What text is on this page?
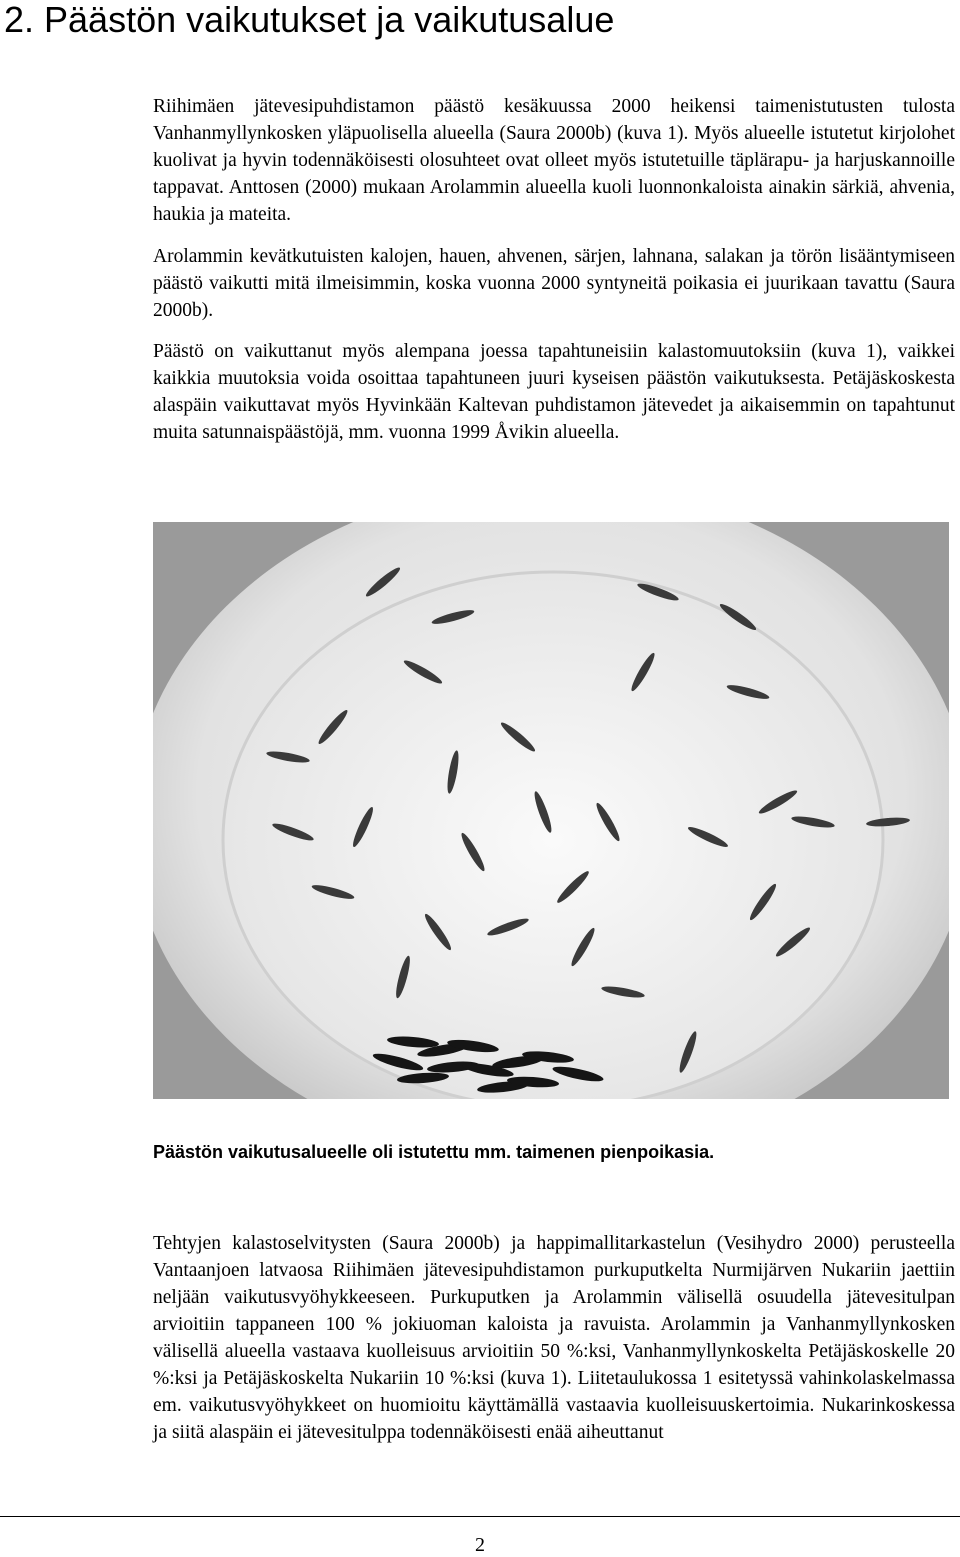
2. Päästön vaikutukset ja vaikutusalue

Riihimäen jätevesipuhdistamon päästö kesäkuussa 2000 heikensi taimenistutusten tulosta Vanhanmyllynkosken yläpuolisella alueella (Saura 2000b) (kuva 1). Myös alueelle istutetut kirjolohet kuolivat ja hyvin todennäköisesti olosuhteet ovat olleet myös istutetuille täplärapu- ja harjuskannoille tappavat. Anttosen (2000) mukaan Arolammin alueella kuoli luonnonkaloista ainakin särkiä, ahvenia, haukia ja mateita.

Arolammin kevätkutuisten kalojen, hauen, ahvenen, särjen, lahnana, salakan ja törön lisääntymiseen päästö vaikutti mitä ilmeisimmin, koska vuonna 2000 syntyneitä poikasia ei juurikaan tavattu (Saura 2000b).

Päästö on vaikuttanut myös alempana joessa tapahtuneisiin kalastomuutoksiin (kuva 1), vaikkei kaikkia muutoksia voida osoittaa tapahtuneen juuri kyseisen päästön vaikutuksesta. Petäjäskoskesta alaspäin vaikuttavat myös Hyvinkään Kaltevan puhdistamon jätevedet ja aikaisemmin on tapahtunut muita satunnaispäästöjä, mm. vuonna 1999 Åvikin alueella.

Päästön vaikutusalueelle oli istutettu mm. taimenen pienpoikasia.

Tehtyjen kalastoselvitysten (Saura 2000b) ja happimallitarkastelun (Vesihydro 2000) perusteella Vantaanjoen latvaosa Riihimäen jätevesipuhdistamon purkuputkelta Nurmijärven Nukariin jaettiin neljään vaikutusvyöhykkeeseen. Purkuputken ja Arolammin välisellä osuudella jätevesitulpan arvioitiin tappaneen 100 % jokiuoman kaloista ja ravuista. Arolammin ja Vanhanmyllynkosken välisellä alueella vastaava kuolleisuus arvioitiin 50 %:ksi, Vanhanmyllynkoskelta Petäjäskoskelle 20 %:ksi ja Petäjäskoskelta Nukariin 10 %:ksi (kuva 1). Liitetaulukossa 1 esitetyssä vahinkolaskelmassa em. vaikutusvyöhykkeet on huomioitu käyttämällä vastaavia kuolleisuuskertoimia. Nukarinkoskessa ja siitä alaspäin ei jätevesitulppa todennäköisesti enää aiheuttanut

2
